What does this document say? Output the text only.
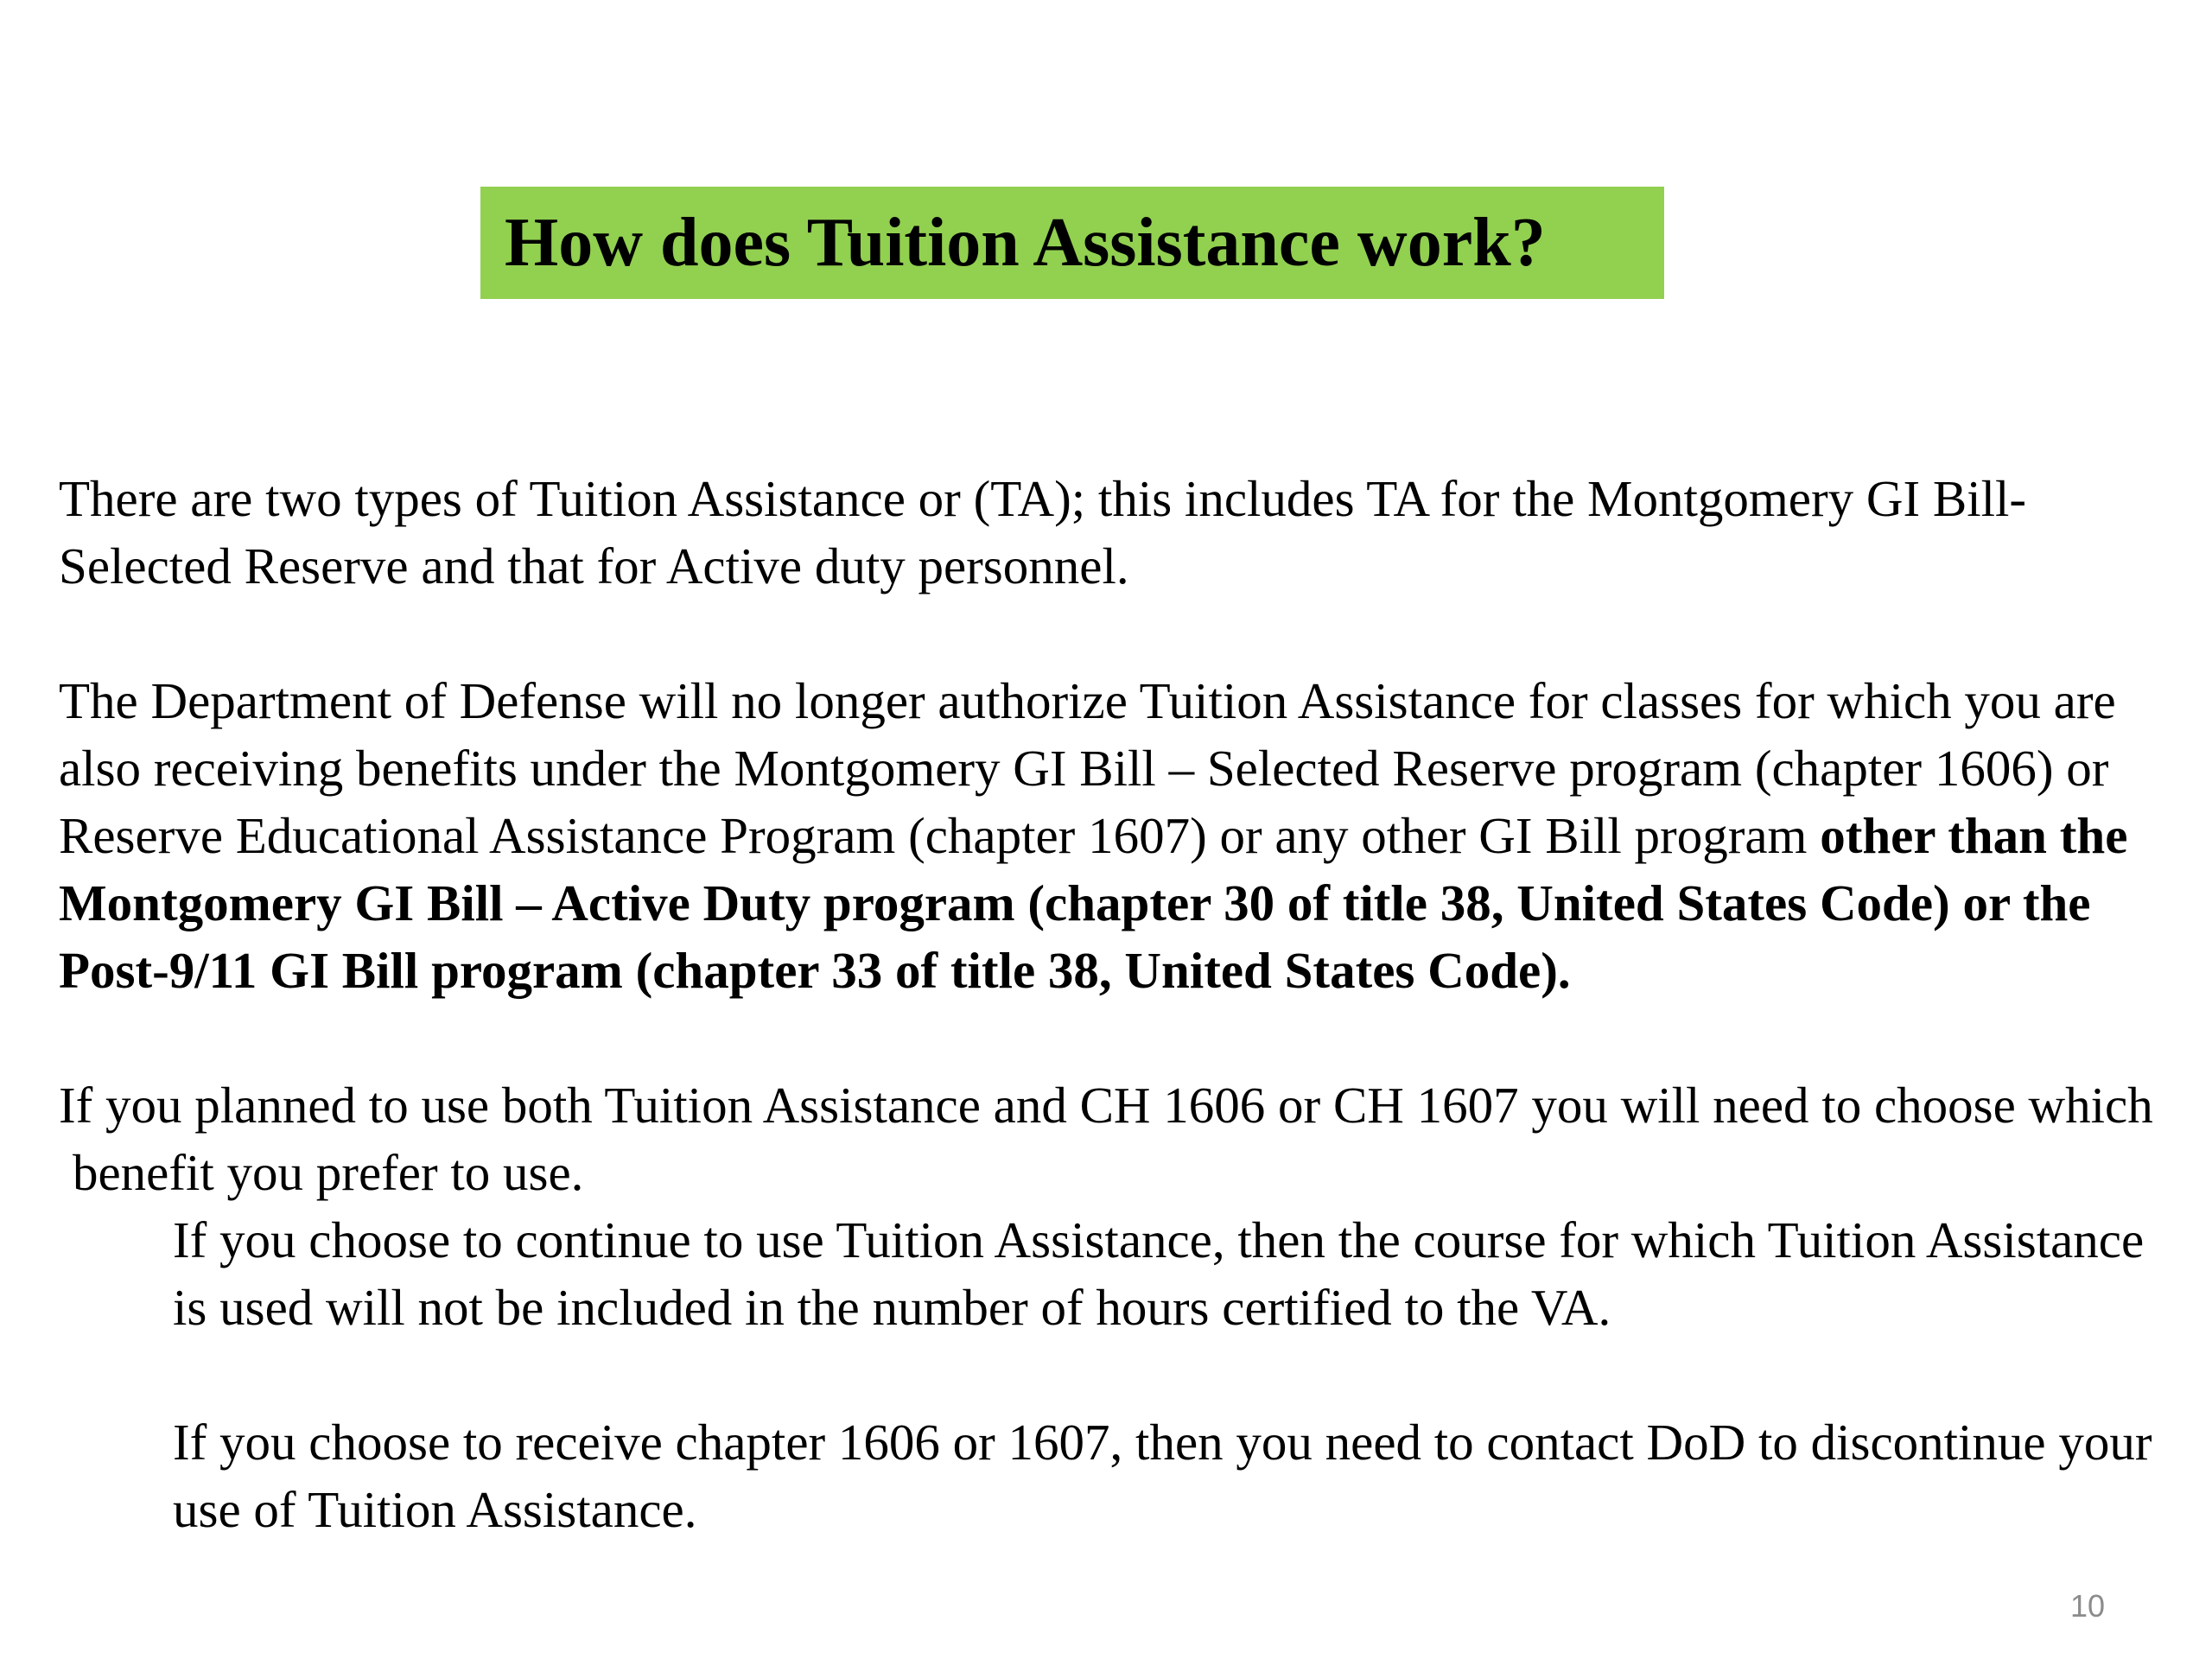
How does Tuition Assistance work?

There are two types of Tuition Assistance or (TA); this includes TA for the Montgomery GI Bill-Selected Reserve and that for Active duty personnel.

The Department of Defense will no longer authorize Tuition Assistance for classes for which you are also receiving benefits under the Montgomery GI Bill – Selected Reserve program (chapter 1606) or Reserve Educational Assistance Program (chapter 1607) or any other GI Bill program other than the Montgomery GI Bill – Active Duty program (chapter 30 of title 38, United States Code) or the Post-9/11 GI Bill program (chapter 33 of title 38, United States Code).

If you planned to use both Tuition Assistance and CH 1606 or CH 1607 you will need to choose which benefit you prefer to use.

If you choose to continue to use Tuition Assistance, then the course for which Tuition Assistance is used will not be included in the number of hours certified to the VA.

If you choose to receive chapter 1606 or 1607, then you need to contact DoD to discontinue your use of Tuition Assistance.

10
